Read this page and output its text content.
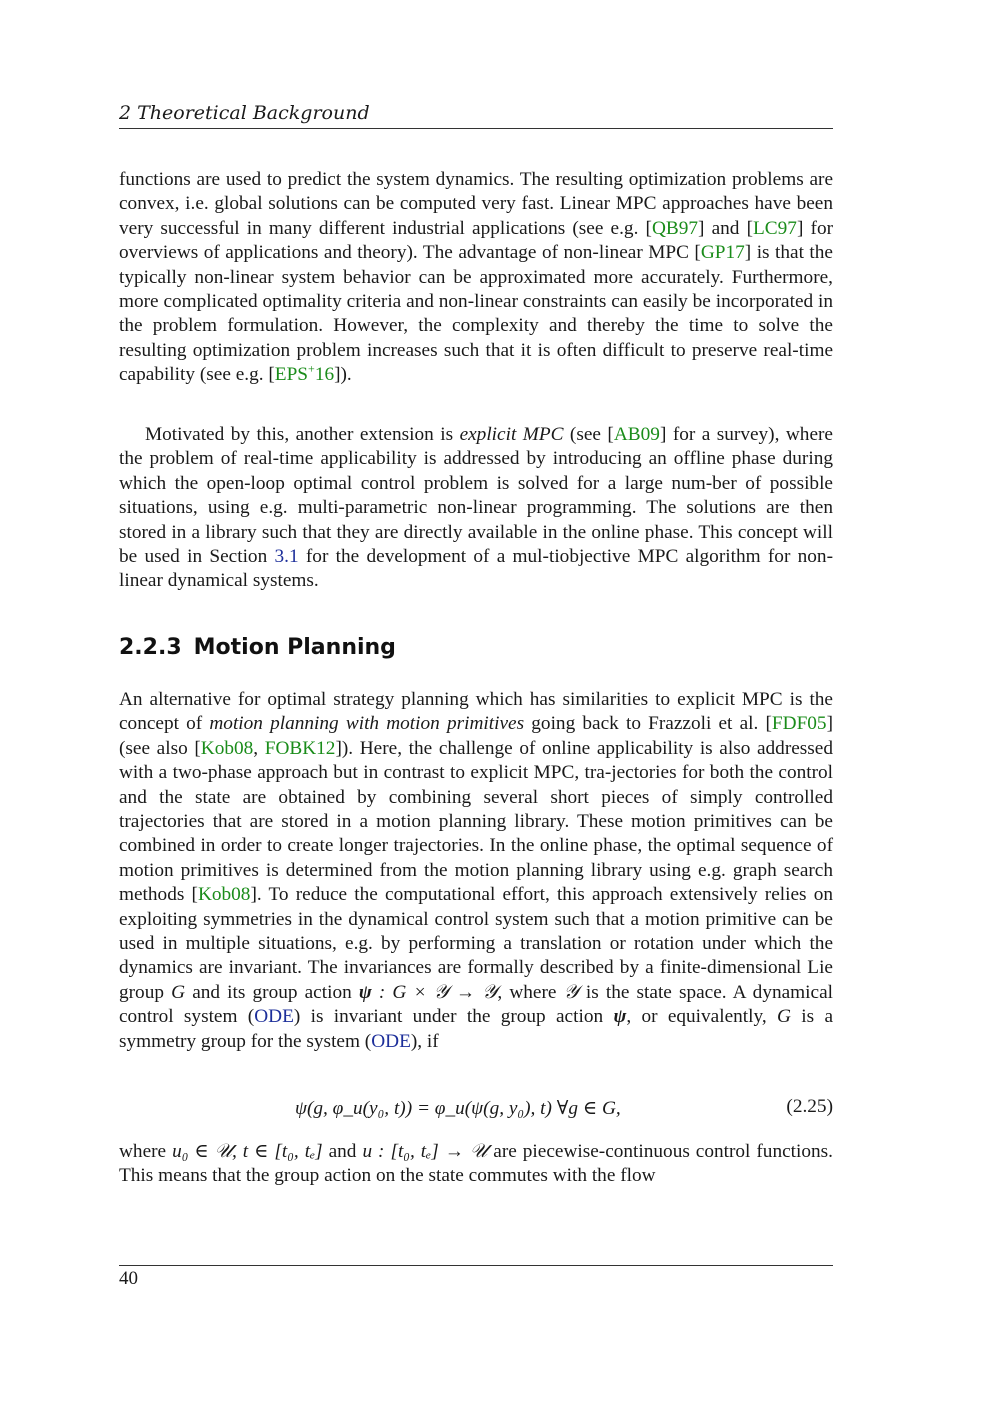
2 Theoretical Background

functions are used to predict the system dynamics. The resulting optimization problems are convex, i.e. global solutions can be computed very fast. Linear MPC approaches have been very successful in many different industrial applications (see e.g. [QB97] and [LC97] for overviews of applications and theory). The advantage of non-linear MPC [GP17] is that the typically non-linear system behavior can be approximated more accurately. Furthermore, more complicated optimality criteria and non-linear constraints can easily be incorporated in the problem formulation. However, the complexity and thereby the time to solve the resulting optimization problem increases such that it is often difficult to preserve real-time capability (see e.g. [EPS+16]).

Motivated by this, another extension is explicit MPC (see [AB09] for a survey), where the problem of real-time applicability is addressed by introducing an offline phase during which the open-loop optimal control problem is solved for a large num-ber of possible situations, using e.g. multi-parametric non-linear programming. The solutions are then stored in a library such that they are directly available in the online phase. This concept will be used in Section 3.1 for the development of a mul-tiobjective MPC algorithm for non-linear dynamical systems.

2.2.3 Motion Planning

An alternative for optimal strategy planning which has similarities to explicit MPC is the concept of motion planning with motion primitives going back to Frazzoli et al. [FDF05] (see also [Kob08, FOBK12]). Here, the challenge of online applicability is also addressed with a two-phase approach but in contrast to explicit MPC, tra-jectories for both the control and the state are obtained by combining several short pieces of simply controlled trajectories that are stored in a motion planning library. These motion primitives can be combined in order to create longer trajectories. In the online phase, the optimal sequence of motion primitives is determined from the motion planning library using e.g. graph search methods [Kob08]. To reduce the computational effort, this approach extensively relies on exploiting symmetries in the dynamical control system such that a motion primitive can be used in multiple situations, e.g. by performing a translation or rotation under which the dynamics are invariant. The invariances are formally described by a finite-dimensional Lie group G and its group action ψ : G × 𝒴 → 𝒴, where 𝒴 is the state space. A dynamical control system (ODE) is invariant under the group action ψ, or equivalently, G is a symmetry group for the system (ODE), if

ψ(g, φ_u(y₀, t)) = φ_u(ψ(g, y₀), t) ∀g ∈ G,	(2.25)

where u₀ ∈ 𝒰, t ∈ [t₀, tₑ] and u : [t₀, tₑ] → 𝒰 are piecewise-continuous control functions. This means that the group action on the state commutes with the flow

40
